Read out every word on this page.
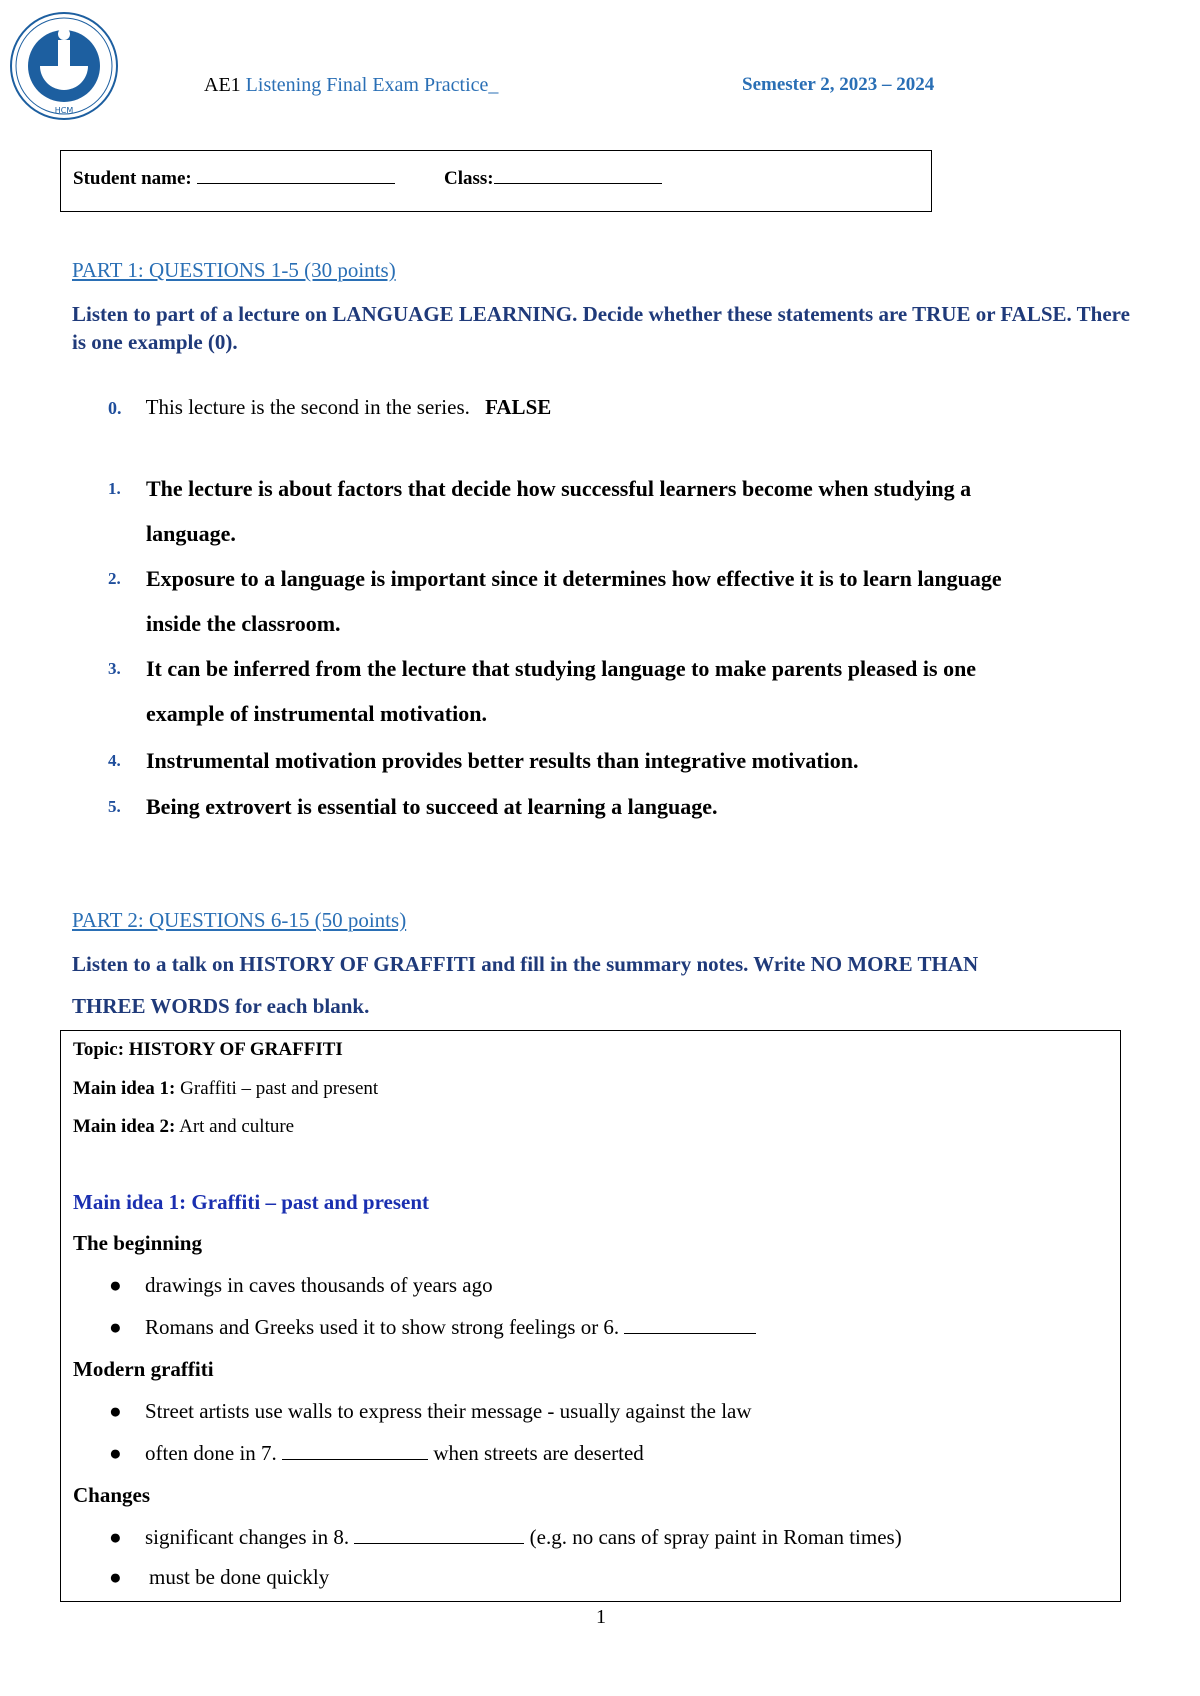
HCM
AE1 Listening Final Exam Practice_	Semester 2, 2023 – 2024
Student name:	Class:
PART 1: QUESTIONS 1-5 (30 points)
Listen to part of a lecture on LANGUAGE LEARNING. Decide whether these statements are TRUE or FALSE. There is one example (0).
0. This lecture is the second in the series. FALSE
1. The lecture is about factors that decide how successful learners become when studying a
language.
2. Exposure to a language is important since it determines how effective it is to learn language
inside the classroom.
3. It can be inferred from the lecture that studying language to make parents pleased is one
example of instrumental motivation.
4. Instrumental motivation provides better results than integrative motivation.
5. Being extrovert is essential to succeed at learning a language.
PART 2: QUESTIONS 6-15 (50 points)
Listen to a talk on HISTORY OF GRAFFITI and fill in the summary notes. Write NO MORE THAN
THREE WORDS for each blank.
Topic: HISTORY OF GRAFFITI
Main idea 1: Graffiti – past and present
Main idea 2: Art and culture
Main idea 1: Graffiti – past and present
The beginning
● drawings in caves thousands of years ago
● Romans and Greeks used it to show strong feelings or 6.
Modern graffiti
● Street artists use walls to express their message - usually against the law
● often done in 7.	when streets are deserted
Changes
● significant changes in 8.	(e.g. no cans of spray paint in Roman times)
● must be done quickly
1
